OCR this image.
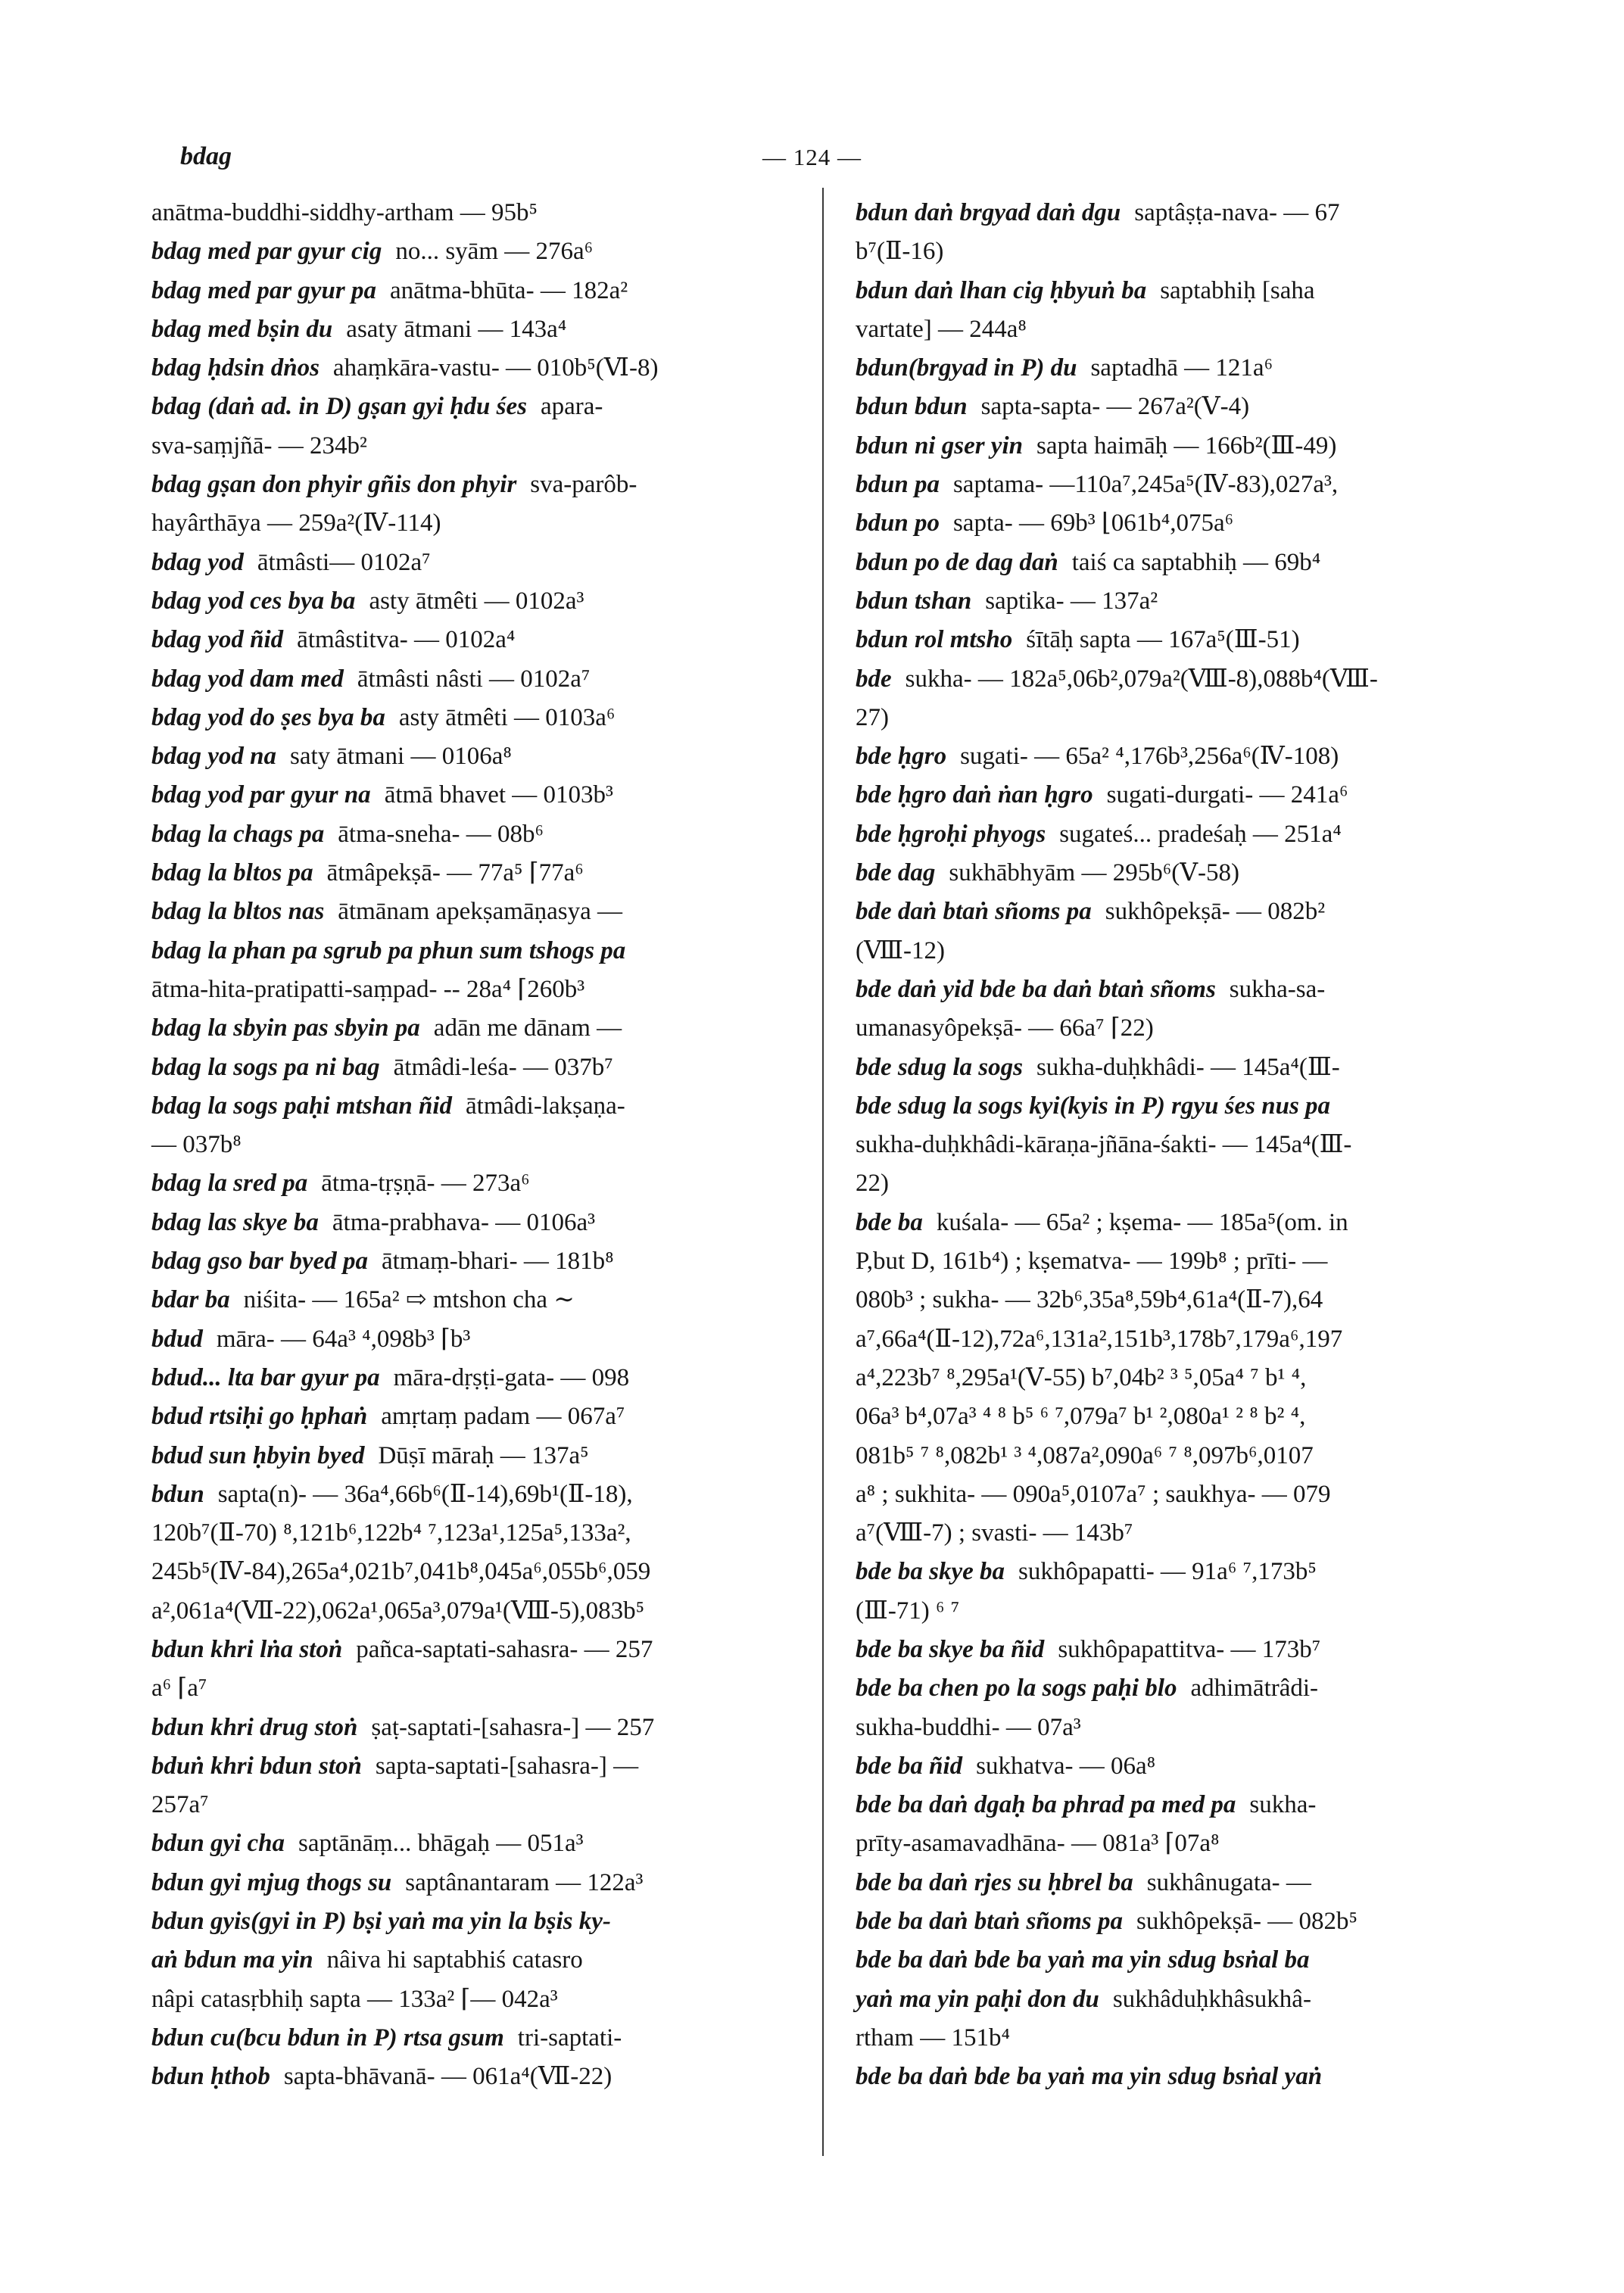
bdag	— 124 —

anātma-buddhi-siddhy-artham — 95b⁵

bdag med par gyur cig no... syām — 276a⁶

bdag med par gyur pa anātma-bhūta- — 182a²

bdag med bṣin du asaty ātmani — 143a⁴

bdag ḥdsin dṅos ahaṃkāra-vastu- — 010b⁵(Ⅵ-8)

bdag (daṅ ad. in D) gṣan gyi ḥdu śes apara-

sva-saṃjñā- — 234b²

bdag gṣan don phyir gñis don phyir sva-parôb-

hayârthāya — 259a²(Ⅳ-114)

bdag yod ātmâsti— 0102a⁷

bdag yod ces bya ba asty ātmêti — 0102a³

bdag yod ñid ātmâstitva- — 0102a⁴

bdag yod dam med ātmâsti nâsti — 0102a⁷

bdag yod do ṣes bya ba asty ātmêti — 0103a⁶

bdag yod na saty ātmani — 0106a⁸

bdag yod par gyur na ātmā bhavet — 0103b³

bdag la chags pa ātma-sneha- — 08b⁶

bdag la bltos pa ātmâpekṣā- — 77a⁵ ⌈77a⁶

bdag la bltos nas ātmānam apekṣamāṇasya —

bdag la phan pa sgrub pa phun sum tshogs pa

ātma-hita-pratipatti-saṃpad- -- 28a⁴ ⌈260b³

bdag la sbyin pas sbyin pa adān me dānam —

bdag la sogs pa ni bag ātmâdi-leśa- — 037b⁷

bdag la sogs paḥi mtshan ñid ātmâdi-lakṣaṇa-

— 037b⁸

bdag la sred pa ātma-tṛṣṇā- — 273a⁶

bdag las skye ba ātma-prabhava- — 0106a³

bdag gso bar byed pa ātmaṃ-bhari- — 181b⁸

bdar ba niśita- — 165a² ⇨ mtshon cha ∼

bdud māra- — 64a³ ⁴,098b³ ⌈b³

bdud... lta bar gyur pa māra-dṛṣṭi-gata- — 098

bdud rtsiḥi go ḥphaṅ amṛtaṃ padam — 067a⁷

bdud sun ḥbyin byed Dūṣī māraḥ — 137a⁵

bdun sapta(n)- — 36a⁴,66b⁶(Ⅱ-14),69b¹(Ⅱ-18),

120b⁷(Ⅱ-70) ⁸,121b⁶,122b⁴ ⁷,123a¹,125a⁵,133a²,

245b⁵(Ⅳ-84),265a⁴,021b⁷,041b⁸,045a⁶,055b⁶,059

a²,061a⁴(Ⅶ-22),062a¹,065a³,079a¹(Ⅷ-5),083b⁵

bdun khri lṅa stoṅ pañca-saptati-sahasra- — 257

a⁶ ⌈a⁷

bdun khri drug stoṅ ṣaṭ-saptati-[sahasra-] — 257

bduṅ khri bdun stoṅ sapta-saptati-[sahasra-] —

257a⁷

bdun gyi cha saptānāṃ... bhāgaḥ — 051a³

bdun gyi mjug thogs su saptânantaram — 122a³

bdun gyis(gyi in P) bṣi yaṅ ma yin la bṣis ky-

aṅ bdun ma yin nâiva hi saptabhiś catasro

nâpi catasṛbhiḥ sapta — 133a² ⌈— 042a³

bdun cu(bcu bdun in P) rtsa gsum tri-saptati-

bdun ḥthob sapta-bhāvanā- — 061a⁴(Ⅶ-22)

bdun daṅ brgyad daṅ dgu saptâṣṭa-nava- — 67

b⁷(Ⅱ-16)

bdun daṅ lhan cig ḥbyuṅ ba saptabhiḥ [saha

vartate] — 244a⁸

bdun(brgyad in P) du saptadhā — 121a⁶

bdun bdun sapta-sapta- — 267a²(Ⅴ-4)

bdun ni gser yin sapta haimāḥ — 166b²(Ⅲ-49)

bdun pa saptama- —110a⁷,245a⁵(Ⅳ-83),027a³,

bdun po sapta- — 69b³ ⌊061b⁴,075a⁶

bdun po de dag daṅ taiś ca saptabhiḥ — 69b⁴

bdun tshan saptika- — 137a²

bdun rol mtsho śītāḥ sapta — 167a⁵(Ⅲ-51)

bde sukha- — 182a⁵,06b²,079a²(Ⅷ-8),088b⁴(Ⅷ-

27)

bde ḥgro sugati- — 65a² ⁴,176b³,256a⁶(Ⅳ-108)

bde ḥgro daṅ ṅan ḥgro sugati-durgati- — 241a⁶

bde ḥgroḥi phyogs sugateś... pradeśaḥ — 251a⁴

bde dag sukhābhyām — 295b⁶(Ⅴ-58)

bde daṅ btaṅ sñoms pa sukhôpekṣā- — 082b²

(Ⅷ-12)

bde daṅ yid bde ba daṅ btaṅ sñoms sukha-sa-

umanasyôpekṣā- — 66a⁷ ⌈22)

bde sdug la sogs sukha-duḥkhâdi- — 145a⁴(Ⅲ-

bde sdug la sogs kyi(kyis in P) rgyu śes nus pa

sukha-duḥkhâdi-kāraṇa-jñāna-śakti- — 145a⁴(Ⅲ-

22)

bde ba kuśala- — 65a² ; kṣema- — 185a⁵(om. in

P,but D, 161b⁴) ; kṣematva- — 199b⁸ ; prīti- —

080b³ ; sukha- — 32b⁶,35a⁸,59b⁴,61a⁴(Ⅱ-7),64

a⁷,66a⁴(Ⅱ-12),72a⁶,131a²,151b³,178b⁷,179a⁶,197

a⁴,223b⁷ ⁸,295a¹(Ⅴ-55) b⁷,04b² ³ ⁵,05a⁴ ⁷ b¹ ⁴,

06a³ b⁴,07a³ ⁴ ⁸ b⁵ ⁶ ⁷,079a⁷ b¹ ²,080a¹ ² ⁸ b² ⁴,

081b⁵ ⁷ ⁸,082b¹ ³ ⁴,087a²,090a⁶ ⁷ ⁸,097b⁶,0107

a⁸ ; sukhita- — 090a⁵,0107a⁷ ; saukhya- — 079

a⁷(Ⅷ-7) ; svasti- — 143b⁷

bde ba skye ba sukhôpapatti- — 91a⁶ ⁷,173b⁵

(Ⅲ-71) ⁶ ⁷

bde ba skye ba ñid sukhôpapattitva- — 173b⁷

bde ba chen po la sogs paḥi blo adhimātrâdi-

sukha-buddhi- — 07a³

bde ba ñid sukhatva- — 06a⁸

bde ba daṅ dgaḥ ba phrad pa med pa sukha-

prīty-asamavadhāna- — 081a³ ⌈07a⁸

bde ba daṅ rjes su ḥbrel ba sukhânugata- —

bde ba daṅ btaṅ sñoms pa sukhôpekṣā- — 082b⁵

bde ba daṅ bde ba yaṅ ma yin sdug bsṅal ba

yaṅ ma yin paḥi don du sukhâduḥkhâsukhâ-

rtham — 151b⁴

bde ba daṅ bde ba yaṅ ma yin sdug bsṅal yaṅ
